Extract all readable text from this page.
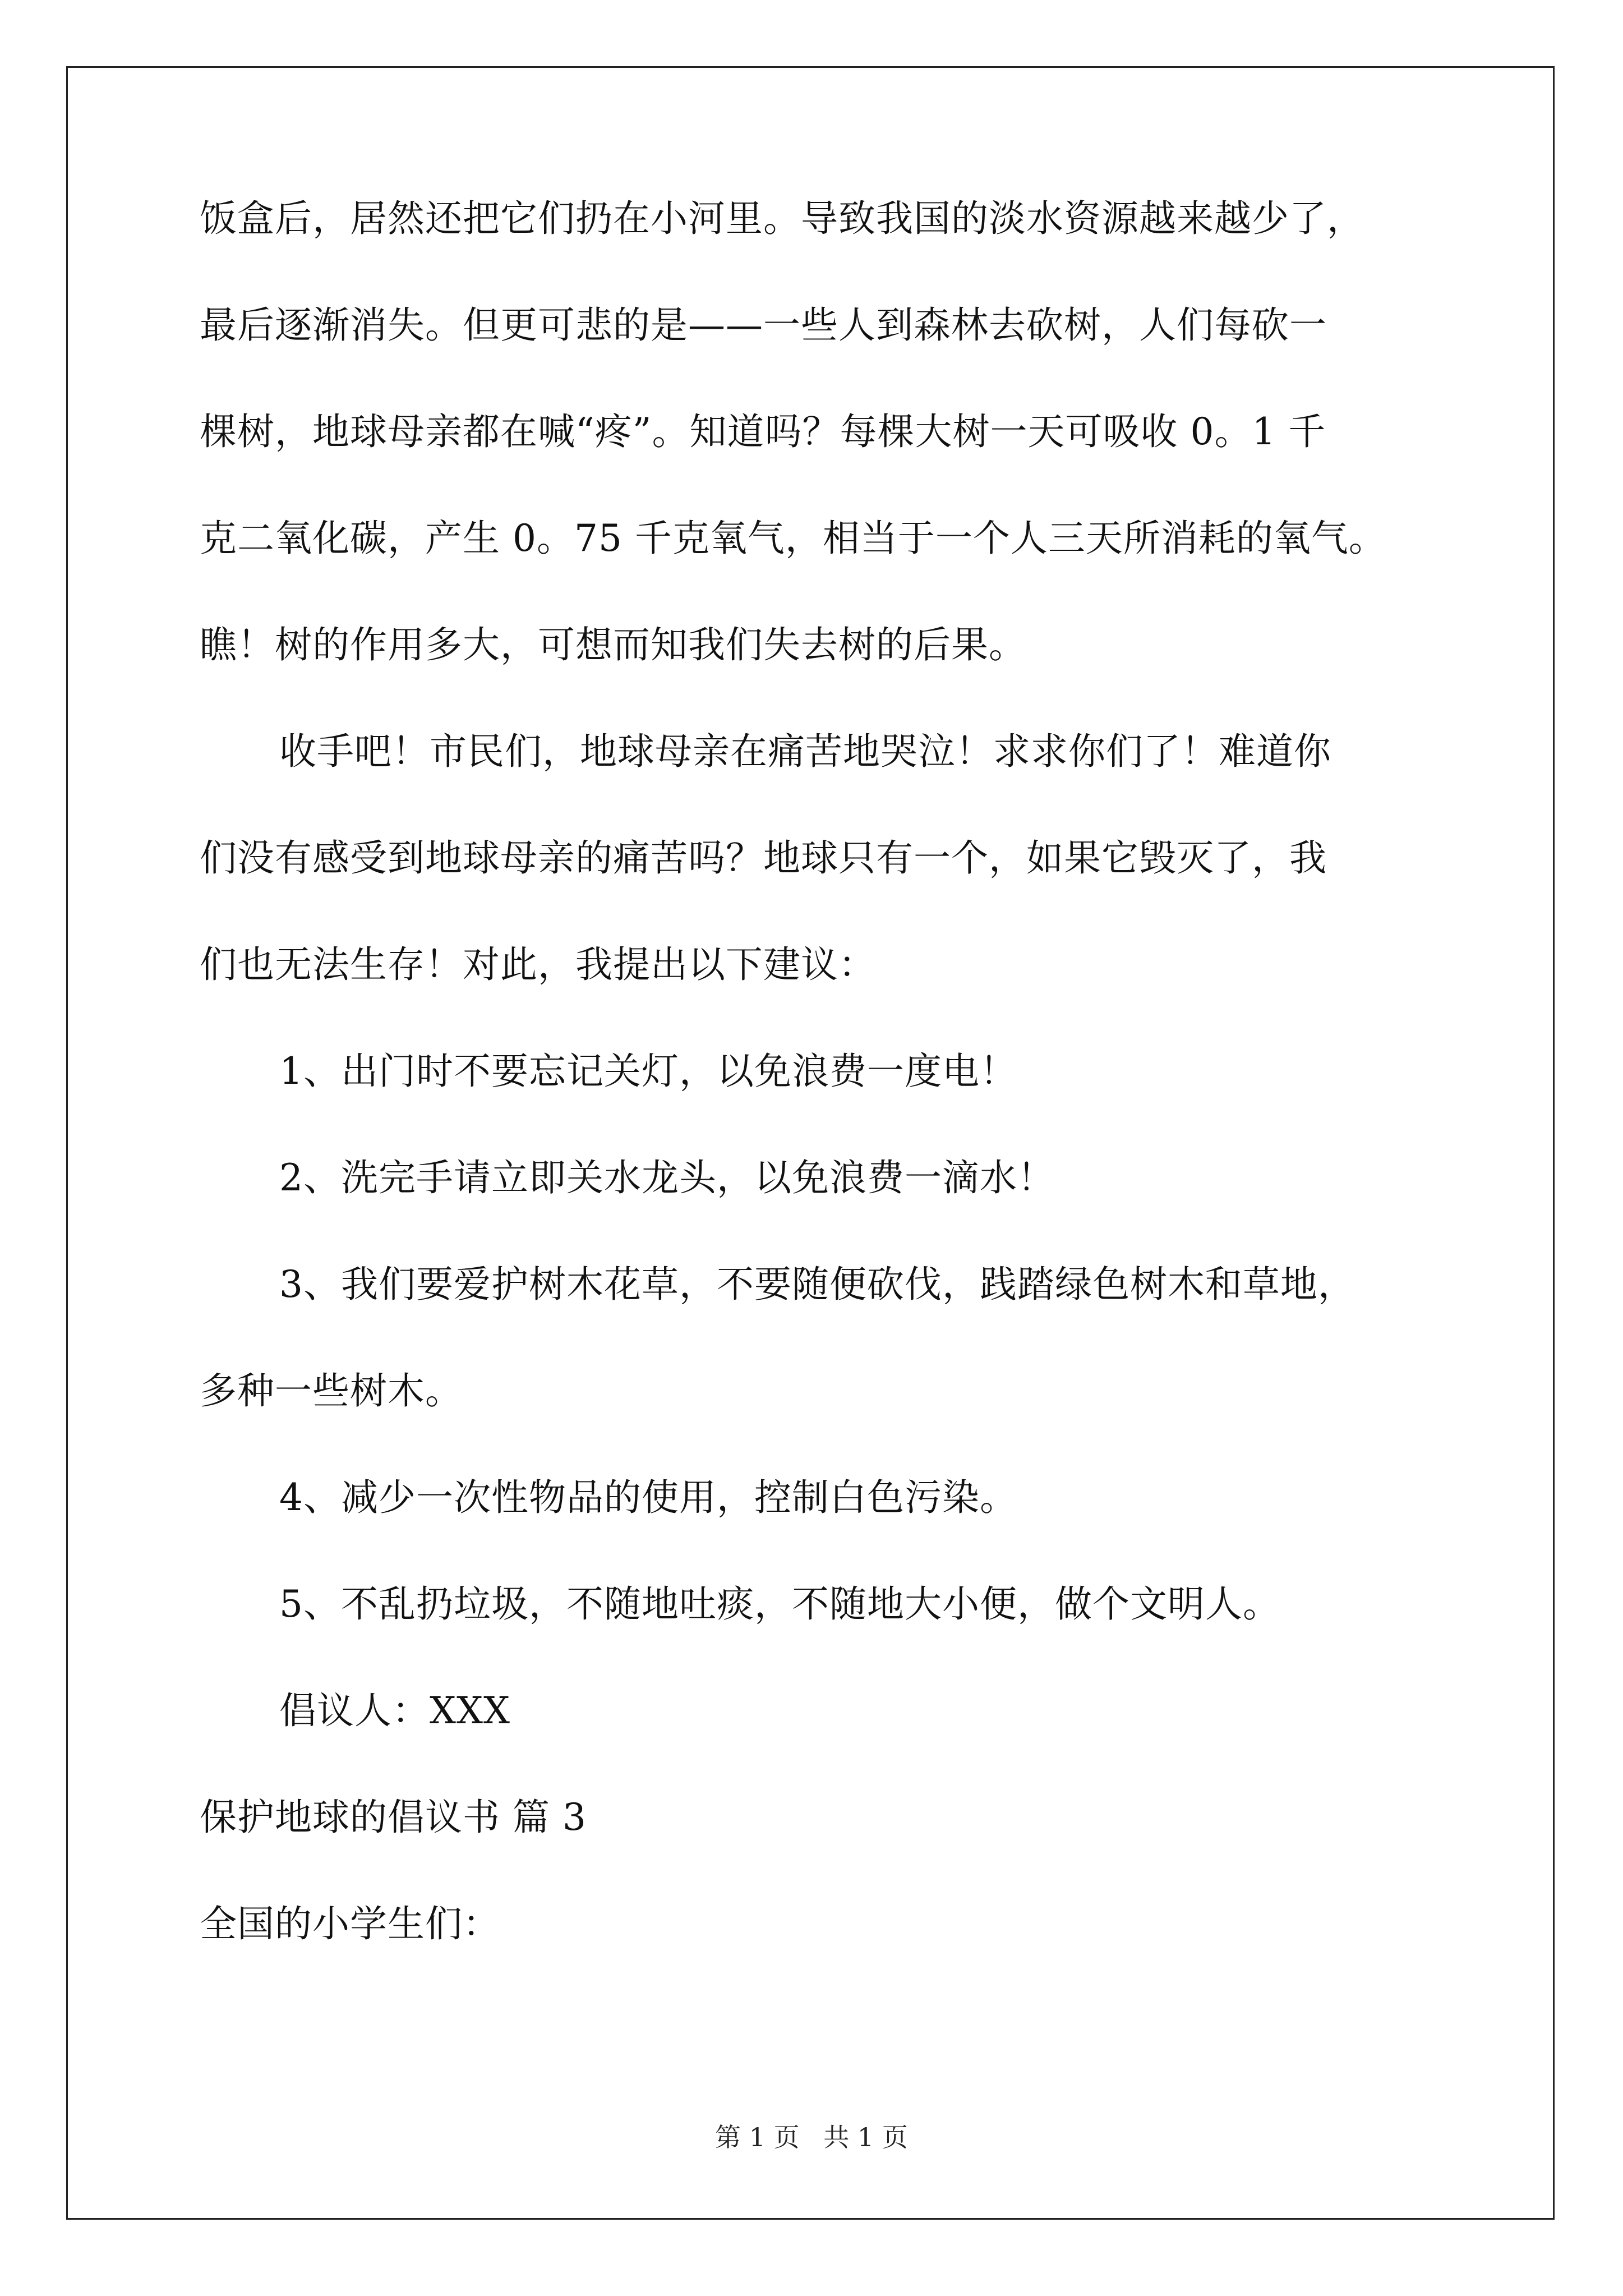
饭盒后，居然还把它们扔在小河里。导致我国的淡水资源越来越少了，
最后逐渐消失。但更可悲的是——一些人到森林去砍树，人们每砍一
棵树，地球母亲都在喊“疼”。知道吗？每棵大树一天可吸收 0。1 千
克二氧化碳，产生 0。75 千克氧气，相当于一个人三天所消耗的氧气。
瞧！树的作用多大，可想而知我们失去树的后果。
收手吧！市民们，地球母亲在痛苦地哭泣！求求你们了！难道你
们没有感受到地球母亲的痛苦吗？地球只有一个，如果它毁灭了，我
们也无法生存！对此，我提出以下建议：
1、出门时不要忘记关灯，以免浪费一度电！
2、洗完手请立即关水龙头，以免浪费一滴水！
3、我们要爱护树木花草，不要随便砍伐，践踏绿色树木和草地，
多种一些树木。
4、减少一次性物品的使用，控制白色污染。
5、不乱扔垃圾，不随地吐痰，不随地大小便，做个文明人。
倡议人：XXX
保护地球的倡议书 篇 3
全国的小学生们：
第 1 页 共 1 页
